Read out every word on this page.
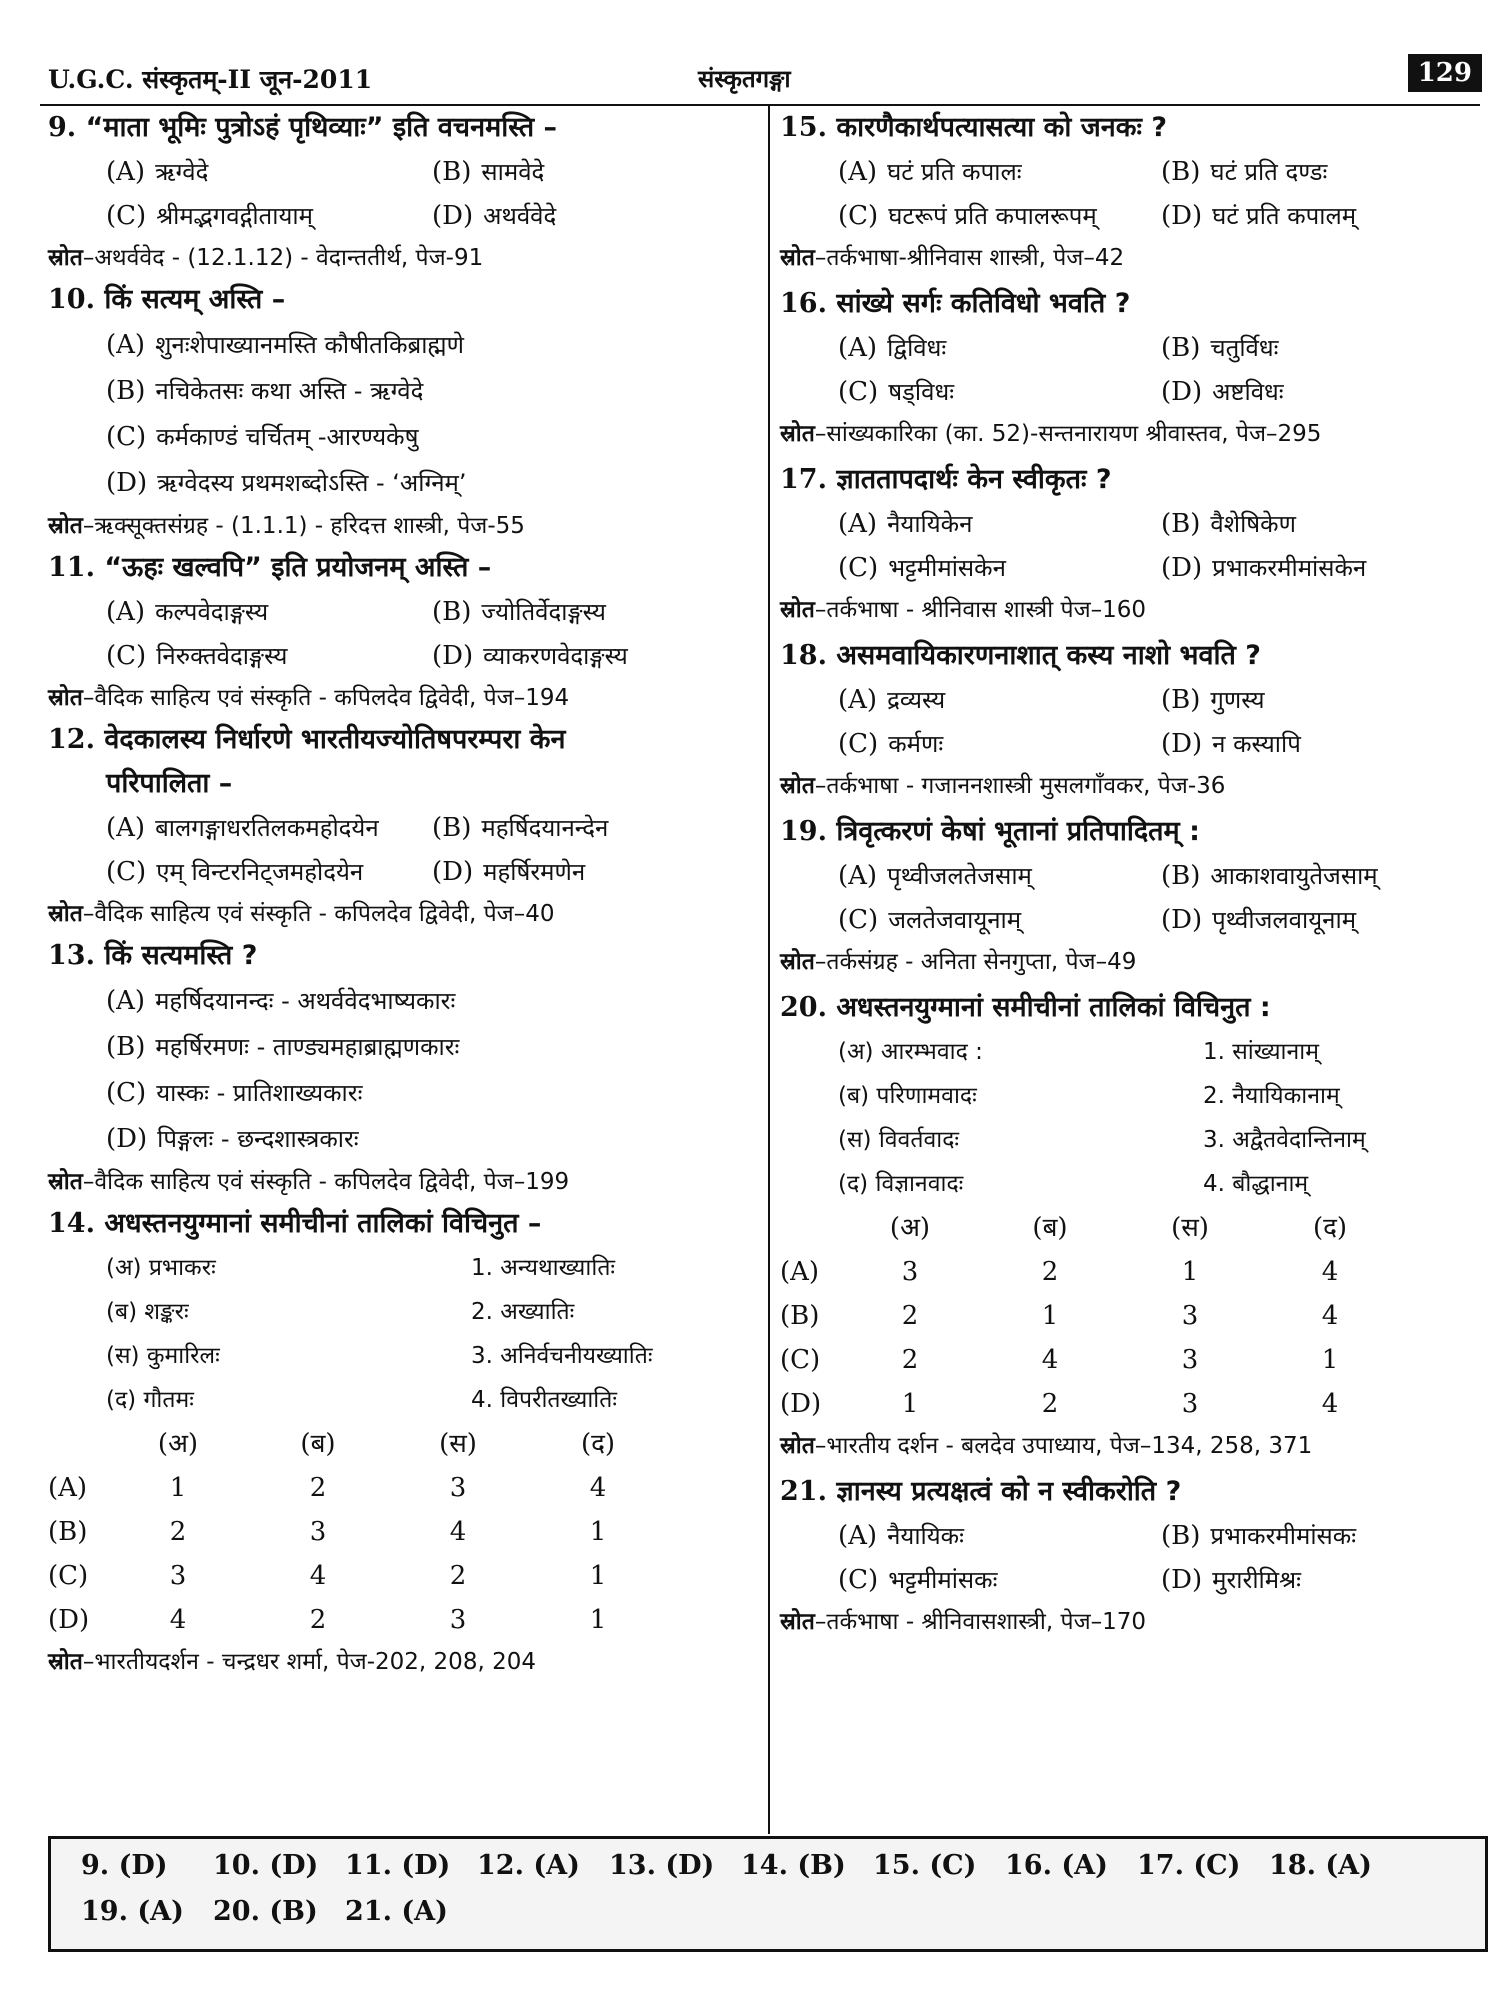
U.G.C. संस्कृतम्-II जून-2011	संस्कृतगङ्गा	129
9. “माता भूमिः पुत्रोऽहं पृथिव्याः” इति वचनमस्ति –
(A) ऋग्वेदे	(B) सामवेदे
(C) श्रीमद्भगवद्गीतायाम्	(D) अथर्ववेदे
स्रोत–अथर्ववेद - (12.1.12) - वेदान्ततीर्थ, पेज-91
10. किं सत्यम् अस्ति –
(A) शुनःशेपाख्यानमस्ति कौषीतकिब्राह्मणे
(B) नचिकेतसः कथा अस्ति - ऋग्वेदे
(C) कर्मकाण्डं चर्चितम् -आरण्यकेषु
(D) ऋग्वेदस्य प्रथमशब्दोऽस्ति - ‘अग्निम्’
स्रोत–ऋक्सूक्तसंग्रह - (1.1.1) - हरिदत्त शास्त्री, पेज-55
11. “ऊहः खल्वपि” इति प्रयोजनम् अस्ति –
(A) कल्पवेदाङ्गस्य	(B) ज्योतिर्वेदाङ्गस्य
(C) निरुक्तवेदाङ्गस्य	(D) व्याकरणवेदाङ्गस्य
स्रोत–वैदिक साहित्य एवं संस्कृति - कपिलदेव द्विवेदी, पेज–194
12. वेदकालस्य निर्धारणे भारतीयज्योतिषपरम्परा केन
परिपालिता –
(A) बालगङ्गाधरतिलकमहोदयेन	(B) महर्षिदयानन्देन
(C) एम् विन्टरनिट्जमहोदयेन	(D) महर्षिरमणेन
स्रोत–वैदिक साहित्य एवं संस्कृति - कपिलदेव द्विवेदी, पेज–40
13. किं सत्यमस्ति ?
(A) महर्षिदयानन्दः - अथर्ववेदभाष्यकारः
(B) महर्षिरमणः - ताण्ड्यमहाब्राह्मणकारः
(C) यास्कः - प्रातिशाख्यकारः
(D) पिङ्गलः - छन्दशास्त्रकारः
स्रोत–वैदिक साहित्य एवं संस्कृति - कपिलदेव द्विवेदी, पेज–199
14. अधस्तनयुग्मानां समीचीनां तालिकां विचिनुत –
(अ) प्रभाकरः	1. अन्यथाख्यातिः
(ब) शङ्करः	2. अख्यातिः
(स) कुमारिलः	3. अनिर्वचनीयख्यातिः
(द) गौतमः	4. विपरीतख्यातिः
(अ)	(ब)	(स)	(द)
(A)	1	2	3	4
(B)	2	3	4	1
(C)	3	4	2	1
(D)	4	2	3	1
स्रोत–भारतीयदर्शन - चन्द्रधर शर्मा, पेज-202, 208, 204
15. कारणैकार्थपत्यासत्या को जनकः ?
(A) घटं प्रति कपालः	(B) घटं प्रति दण्डः
(C) घटरूपं प्रति कपालरूपम्	(D) घटं प्रति कपालम्
स्रोत–तर्कभाषा-श्रीनिवास शास्त्री, पेज–42
16. सांख्ये सर्गः कतिविधो भवति ?
(A) द्विविधः	(B) चतुर्विधः
(C) षड्विधः	(D) अष्टविधः
स्रोत–सांख्यकारिका (का. 52)-सन्तनारायण श्रीवास्तव, पेज–295
17. ज्ञाततापदार्थः केन स्वीकृतः ?
(A) नैयायिकेन	(B) वैशेषिकेण
(C) भट्टमीमांसकेन	(D) प्रभाकरमीमांसकेन
स्रोत–तर्कभाषा - श्रीनिवास शास्त्री पेज–160
18. असमवायिकारणनाशात् कस्य नाशो भवति ?
(A) द्रव्यस्य	(B) गुणस्य
(C) कर्मणः	(D) न कस्यापि
स्रोत–तर्कभाषा - गजाननशास्त्री मुसलगाँवकर, पेज-36
19. त्रिवृत्करणं केषां भूतानां प्रतिपादितम् :
(A) पृथ्वीजलतेजसाम्	(B) आकाशवायुतेजसाम्
(C) जलतेजवायूनाम्	(D) पृथ्वीजलवायूनाम्
स्रोत–तर्कसंग्रह - अनिता सेनगुप्ता, पेज–49
20. अधस्तनयुग्मानां समीचीनां तालिकां विचिनुत :
(अ) आरम्भवाद :	1. सांख्यानाम्
(ब) परिणामवादः	2. नैयायिकानाम्
(स) विवर्तवादः	3. अद्वैतवेदान्तिनाम्
(द) विज्ञानवादः	4. बौद्धानाम्
(अ)	(ब)	(स)	(द)
(A)	3	2	1	4
(B)	2	1	3	4
(C)	2	4	3	1
(D)	1	2	3	4
स्रोत–भारतीय दर्शन - बलदेव उपाध्याय, पेज–134, 258, 371
21. ज्ञानस्य प्रत्यक्षत्वं को न स्वीकरोति ?
(A) नैयायिकः	(B) प्रभाकरमीमांसकः
(C) भट्टमीमांसकः	(D) मुरारीमिश्रः
स्रोत–तर्कभाषा - श्रीनिवासशास्त्री, पेज–170
9. (D)	10. (D) 11. (D) 12. (A)	13. (D) 14. (B)	15. (C)	16. (A)	17. (C)	18. (A)
19. (A)	20. (B)	21. (A)
